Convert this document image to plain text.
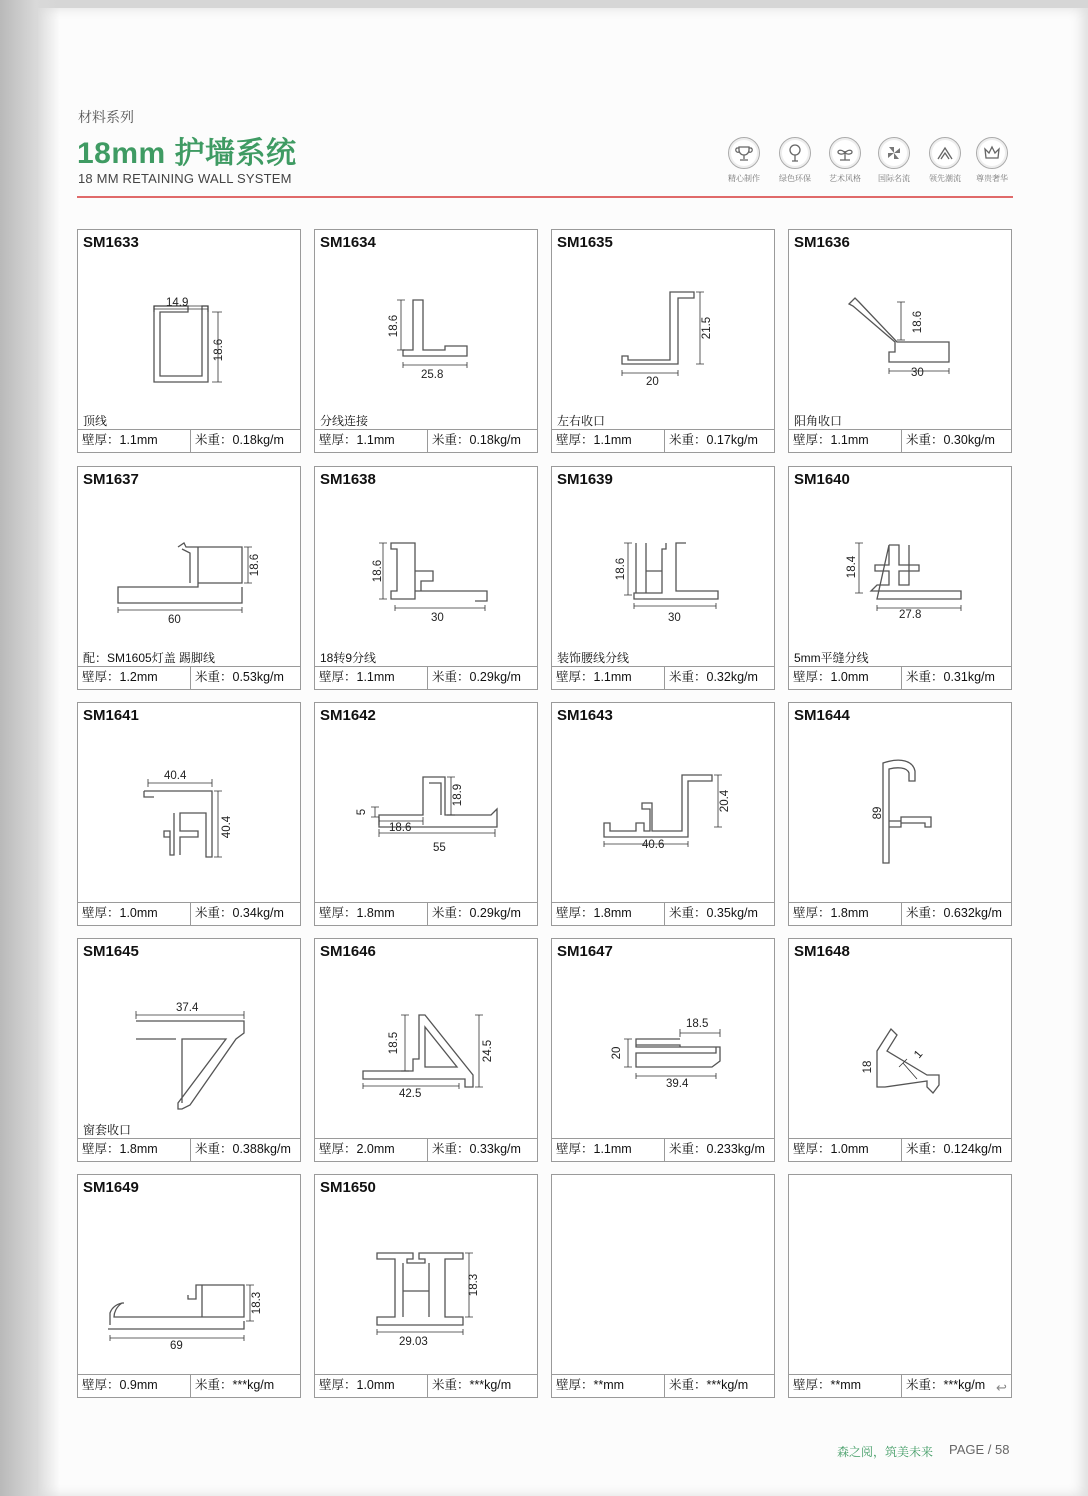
材料系列
18mm 护墙系统
18 MM RETAINING WALL SYSTEM	精心制作	绿色环保	艺术风格	国际名流	领先潮流	尊贵奢华
SM1633
14.9
18.6
顶线
壁厚：1.1mm	米重：0.18kg/m
SM1634
18.6
25.8
分线连接
壁厚：1.1mm	米重：0.18kg/m
SM1635
21.5
20
左右收口
壁厚：1.1mm	米重：0.17kg/m
SM1636
18.6
30
阳角收口
壁厚：1.1mm	米重：0.30kg/m
SM1637
18.6
60
配：SM1605灯盖 踢脚线
壁厚：1.2mm	米重：0.53kg/m
SM1638
18.6
30
18转9分线
壁厚：1.1mm	米重：0.29kg/m
SM1639
18.6
30
装饰腰线分线
壁厚：1.1mm	米重：0.32kg/m
SM1640
18.4
27.8
5mm平缝分线
壁厚：1.0mm	米重：0.31kg/m
SM1641
40.4
40.4
壁厚：1.0mm	米重：0.34kg/m
SM1642
5
18.6
18.9
55
壁厚：1.8mm	米重：0.29kg/m
SM1643
20.4
40.6
壁厚：1.8mm	米重：0.35kg/m
SM1644
89
壁厚：1.8mm	米重：0.632kg/m
SM1645
37.4
窗套收口
壁厚：1.8mm	米重：0.388kg/m
SM1646
18.5	24.5
42.5
壁厚：2.0mm	米重：0.33kg/m
SM1647
20
18.5
39.4
壁厚：1.1mm	米重：0.233kg/m
SM1648
18
1
壁厚：1.0mm	米重：0.124kg/m
SM1649
18.3
69
壁厚：0.9mm	米重：***kg/m
SM1650
18.3
29.03
壁厚：1.0mm	米重：***kg/m	壁厚：**mm	米重：***kg/m	壁厚：**mm	米重：***kg/m ↩
森之阅，筑美未来 PAGE / 58
